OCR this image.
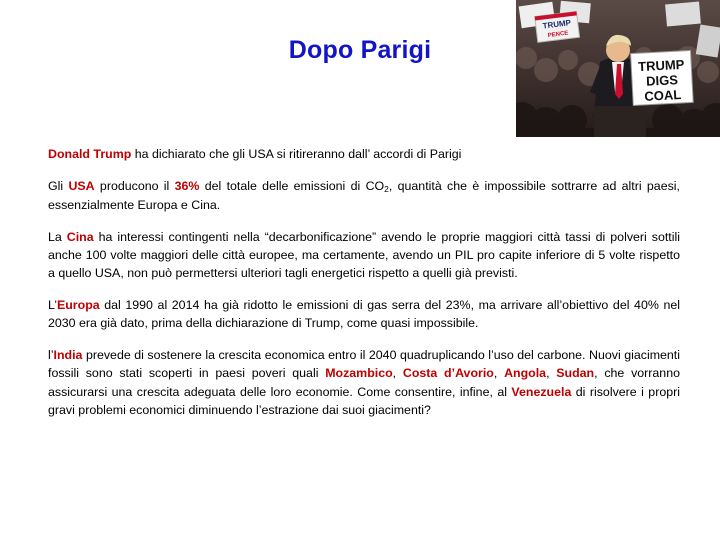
Dopo Parigi
TRUMP
PENCE
TRUMP
DIGS
COAL

Donald Trump ha dichiarato che gli USA si ritireranno dall’ accordi di Parigi

Gli USA producono il 36% del totale delle emissioni di $CO_2$, quantità che è impossibile sottrarre ad altri paesi, essenzialmente Europa e Cina.

La Cina ha interessi contingenti nella “decarbonificazione” avendo le proprie maggiori città tassi di polveri sottili anche 100 volte maggiori delle città europee, ma certamente, avendo un PIL pro capite inferiore di 5 volte rispetto a quello USA, non può permettersi ulteriori tagli energetici rispetto a quelli già previsti.

L’Europa dal 1990 al 2014 ha già ridotto le emissioni di gas serra del 23%, ma arrivare all’obiettivo del 40% nel 2030 era già dato, prima della dichiarazione di Trump, come quasi impossibile.

l’India prevede di sostenere la crescita economica entro il 2040 quadruplicando l’uso del carbone. Nuovi giacimenti fossili sono stati scoperti in paesi poveri quali Mozambico, Costa d’Avorio, Angola, Sudan, che vorranno assicurarsi una crescita adeguata delle loro economie. Come consentire, infine, al Venezuela di risolvere i propri gravi problemi economici diminuendo l’estrazione dai suoi giacimenti?
